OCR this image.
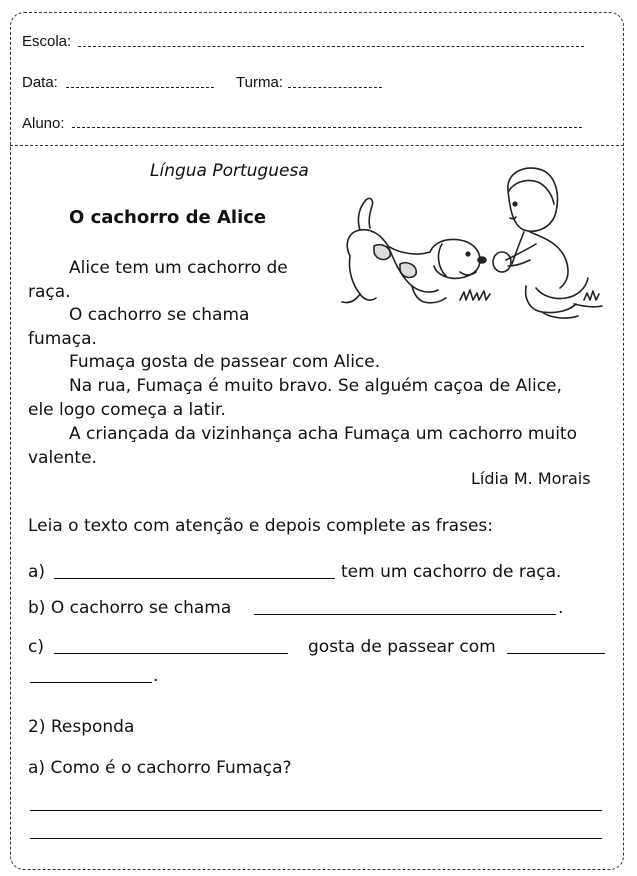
Escola:
Data:	Turma:
Aluno:
Língua Portuguesa
O cachorro de Alice
Alice tem um cachorro de
raça.
O cachorro se chama
fumaça.
Fumaça gosta de passear com Alice.
Na rua, Fumaça é muito bravo. Se alguém caçoa de Alice,
ele logo começa a latir.
A criançada da vizinhança acha Fumaça um cachorro muito
valente.
Lídia M. Morais
Leia o texto com atenção e depois complete as frases:
a)	tem um cachorro de raça.
b) O cachorro se chama	.
c)	gosta de passear com
.
2) Responda
a) Como é o cachorro Fumaça?
